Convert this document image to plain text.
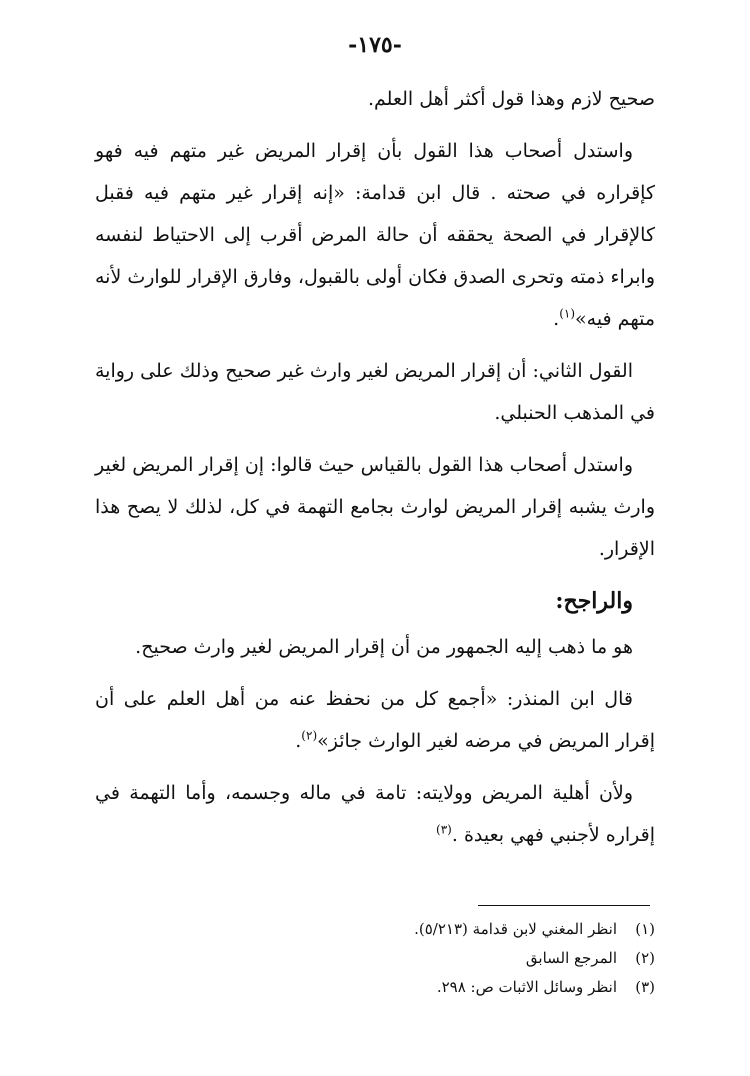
-١٧٥-

صحيح لازم وهذا قول أكثر أهل العلم.

واستدل أصحاب هذا القول بأن إقرار المريض غير متهم فيه فهو كإقراره في صحته . قال ابن قدامة: «إنه إقرار غير متهم فيه فقبل كالإقرار في الصحة يحققه أن حالة المرض أقرب إلى الاحتياط لنفسه وابراء ذمته وتحرى الصدق فكان أولى بالقبول، وفارق الإقرار للوارث لأنه متهم فيه»$^{(١)}$.

القول الثاني: أن إقرار المريض لغير وارث غير صحيح وذلك على رواية في المذهب الحنبلي.

واستدل أصحاب هذا القول بالقياس حيث قالوا: إن إقرار المريض لغير وارث يشبه إقرار المريض لوارث بجامع التهمة في كل، لذلك لا يصح هذا الإقرار.

والراجح:

هو ما ذهب إليه الجمهور من أن إقرار المريض لغير وارث صحيح.

قال ابن المنذر: «أجمع كل من نحفظ عنه من أهل العلم على أن إقرار المريض في مرضه لغير الوارث جائز»$^{(٢)}$.

ولأن أهلية المريض وولايته: تامة في ماله وجسمه، وأما التهمة في إقراره لأجنبي فهي بعيدة .$^{(٣)}$

(١)انظر المغني لابن قدامة (٥/٢١٣).
(٢)المرجع السابق
(٣)انظر وسائل الاثبات ص: ٢٩٨.
